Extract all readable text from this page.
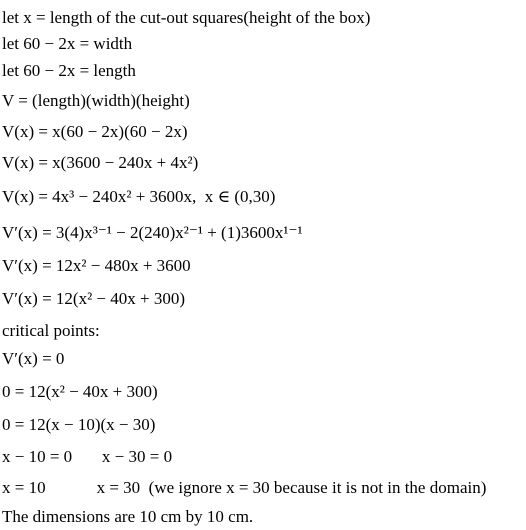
let x = length of the cut-out squares(height of the box)
let 60 − 2x = width
let 60 − 2x = length
V = (length)(width)(height)
V(x) = x(60 − 2x)(60 − 2x)
V(x) = x(3600 − 240x + 4x²)
V(x) = 4x³ − 240x² + 3600x,  x ∈ (0,30)
V′(x) = 3(4)x³⁻¹ − 2(240)x²⁻¹ + (1)3600x¹⁻¹
V′(x) = 12x² − 480x + 3600
V′(x) = 12(x² − 40x + 300)
critical points:
V′(x) = 0
0 = 12(x² − 40x + 300)
0 = 12(x − 10)(x − 30)
x − 10 = 0       x − 30 = 0
x = 10            x = 30  (we ignore x = 30 because it is not in the domain)
The dimensions are 10 cm by 10 cm.
